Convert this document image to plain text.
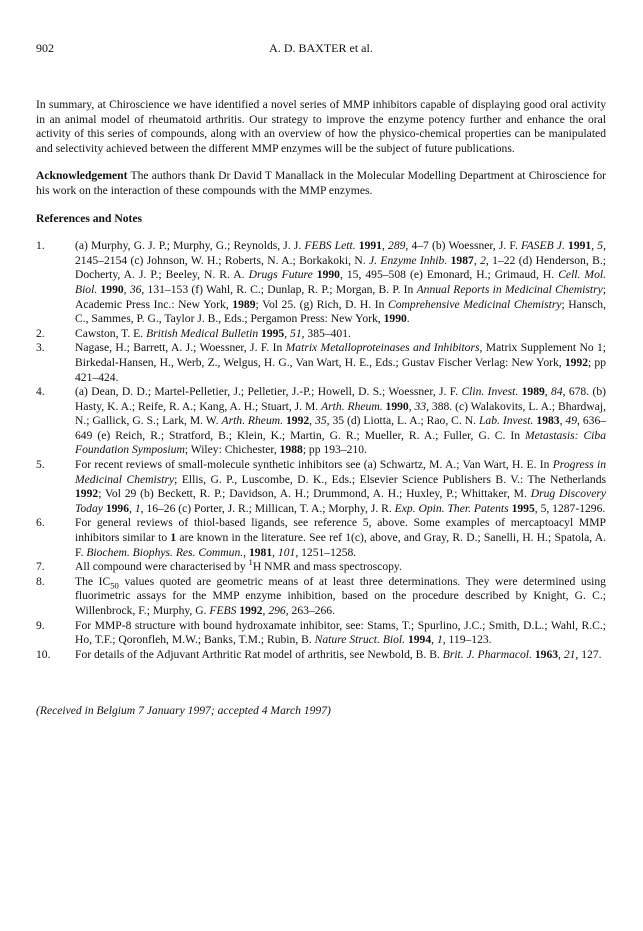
902	A. D. BAXTER et al.

In summary, at Chiroscience we have identified a novel series of MMP inhibitors capable of displaying good oral activity in an animal model of rheumatoid arthritis. Our strategy to improve the enzyme potency further and enhance the oral activity of this series of compounds, along with an overview of how the physico-chemical properties can be manipulated and selectivity achieved between the different MMP enzymes will be the subject of future publications.

Acknowledgement The authors thank Dr David T Manallack in the Molecular Modelling Department at Chiroscience for his work on the interaction of these compounds with the MMP enzymes.

References and Notes
1.	(a) Murphy, G. J. P.; Murphy, G.; Reynolds, J. J. FEBS Lett. 1991, 289, 4–7 (b) Woessner, J. F. FASEB J. 1991, 5, 2145–2154 (c) Johnson, W. H.; Roberts, N. A.; Borkakoki, N. J. Enzyme Inhib. 1987, 2, 1–22 (d) Henderson, B.; Docherty, A. J. P.; Beeley, N. R. A. Drugs Future 1990, 15, 495–508 (e) Emonard, H.; Grimaud, H. Cell. Mol. Biol. 1990, 36, 131–153 (f) Wahl, R. C.; Dunlap, R. P.; Morgan, B. P. In Annual Reports in Medicinal Chemistry; Academic Press Inc.: New York, 1989; Vol 25. (g) Rich, D. H. In Comprehensive Medicinal Chemistry; Hansch, C., Sammes, P. G., Taylor J. B., Eds.; Pergamon Press: New York, 1990.
2.	Cawston, T. E. British Medical Bulletin 1995, 51, 385–401.
3.	Nagase, H.; Barrett, A. J.; Woessner, J. F. In Matrix Metalloproteinases and Inhibitors, Matrix Supplement No 1; Birkedal-Hansen, H., Werb, Z., Welgus, H. G., Van Wart, H. E., Eds.; Gustav Fischer Verlag: New York, 1992; pp 421–424.
4.	(a) Dean, D. D.; Martel-Pelletier, J.; Pelletier, J.-P.; Howell, D. S.; Woessner, J. F. Clin. Invest. 1989, 84, 678. (b) Hasty, K. A.; Reife, R. A.; Kang, A. H.; Stuart, J. M. Arth. Rheum. 1990, 33, 388. (c) Walakovits, L. A.; Bhardwaj, N.; Gallick, G. S.; Lark, M. W. Arth. Rheum. 1992, 35, 35 (d) Liotta, L. A.; Rao, C. N. Lab. Invest. 1983, 49, 636–649 (e) Reich, R.; Stratford, B.; Klein, K.; Martin, G. R.; Mueller, R. A.; Fuller, G. C. In Metastasis: Ciba Foundation Symposium; Wiley: Chichester, 1988; pp 193–210.
5.	For recent reviews of small-molecule synthetic inhibitors see (a) Schwartz, M. A.; Van Wart, H. E. In Progress in Medicinal Chemistry; Ellis, G. P., Luscombe, D. K., Eds.; Elsevier Science Publishers B. V.: The Netherlands 1992; Vol 29 (b) Beckett, R. P.; Davidson, A. H.; Drummond, A. H.; Huxley, P.; Whittaker, M. Drug Discovery Today 1996, 1, 16–26 (c) Porter, J. R.; Millican, T. A.; Morphy, J. R. Exp. Opin. Ther. Patents 1995, 5, 1287-1296.
6.	For general reviews of thiol-based ligands, see reference 5, above. Some examples of mercaptoacyl MMP inhibitors similar to 1 are known in the literature. See ref 1(c), above, and Gray, R. D.; Sanelli, H. H.; Spatola, A. F. Biochem. Biophys. Res. Commun., 1981, 101, 1251–1258.
7.	All compound were characterised by $^1$H NMR and mass spectroscopy.
8.	The $IC_{50}$ values quoted are geometric means of at least three determinations. They were determined using fluorimetric assays for the MMP enzyme inhibition, based on the procedure described by Knight, G. C.; Willenbrock, F.; Murphy, G. FEBS 1992, 296, 263–266.
9.	For MMP-8 structure with bound hydroxamate inhibitor, see: Stams, T.; Spurlino, J.C.; Smith, D.L.; Wahl, R.C.; Ho, T.F.; Qoronfleh, M.W.; Banks, T.M.; Rubin, B. Nature Struct. Biol. 1994, 1, 119–123.
10.	For details of the Adjuvant Arthritic Rat model of arthritis, see Newbold, B. B. Brit. J. Pharmacol. 1963, 21, 127.

(Received in Belgium 7 January 1997; accepted 4 March 1997)
